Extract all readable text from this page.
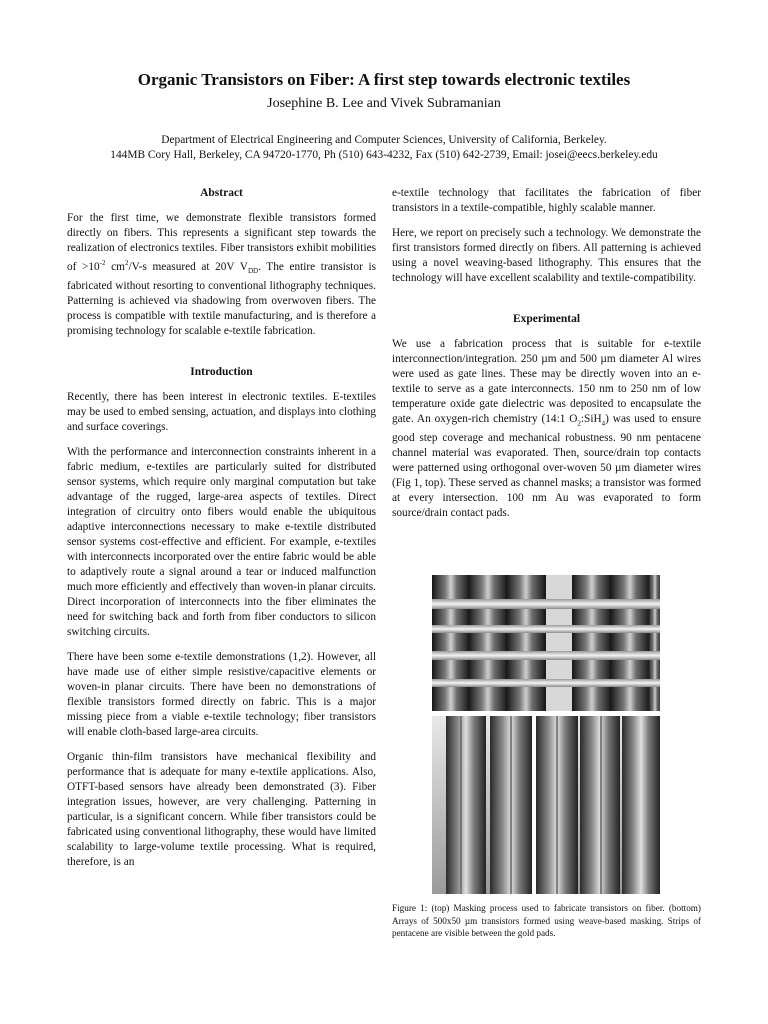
Organic Transistors on Fiber: A first step towards electronic textiles
Josephine B. Lee and Vivek Subramanian
Department of Electrical Engineering and Computer Sciences, University of California, Berkeley.
144MB Cory Hall, Berkeley, CA 94720-1770, Ph (510) 643-4232, Fax (510) 642-2739, Email: josei@eecs.berkeley.edu
Abstract

For the first time, we demonstrate flexible transistors formed directly on fibers. This represents a significant step towards the realization of electronics textiles. Fiber transistors exhibit mobilities of $>10^{-2}$ $cm^2/V-s$ measured at 20V $V_{DD}$. The entire transistor is fabricated without resorting to conventional lithography techniques. Patterning is achieved via shadowing from overwoven fibers. The process is compatible with textile manufacturing, and is therefore a promising technology for scalable e-textile fabrication.

Introduction

Recently, there has been interest in electronic textiles. E-textiles may be used to embed sensing, actuation, and displays into clothing and surface coverings.

With the performance and interconnection constraints inherent in a fabric medium, e-textiles are particularly suited for distributed sensor systems, which require only marginal computation but take advantage of the rugged, large-area aspects of textiles. Direct integration of circuitry onto fibers would enable the ubiquitous adaptive interconnections necessary to make e-textile distributed sensor systems cost-effective and efficient. For example, e-textiles with interconnects incorporated over the entire fabric would be able to adaptively route a signal around a tear or induced malfunction much more efficiently and effectively than woven-in planar circuits. Direct incorporation of interconnects into the fiber eliminates the need for switching back and forth from fiber conductors to silicon switching circuits.

There have been some e-textile demonstrations (1,2). However, all have made use of either simple resistive/capacitive elements or woven-in planar circuits. There have been no demonstrations of flexible transistors formed directly on fabric. This is a major missing piece from a viable e-textile technology; fiber transistors will enable cloth-based large-area circuits.

Organic thin-film transistors have mechanical flexibility and performance that is adequate for many e-textile applications. Also, OTFT-based sensors have already been demonstrated (3). Fiber integration issues, however, are very challenging. Patterning in particular, is a significant concern. While fiber transistors could be fabricated using conventional lithography, these would have limited scalability to large-volume textile processing. What is required, therefore, is an

e-textile technology that facilitates the fabrication of fiber transistors in a textile-compatible, highly scalable manner.

Here, we report on precisely such a technology. We demonstrate the first transistors formed directly on fibers. All patterning is achieved using a novel weaving-based lithography. This ensures that the technology will have excellent scalability and textile-compatibility.

Experimental

We use a fabrication process that is suitable for e-textile interconnection/integration. 250 µm and 500 µm diameter Al wires were used as gate lines. These may be directly woven into an e-textile to serve as a gate interconnects. 150 nm to 250 nm of low temperature oxide gate dielectric was deposited to encapsulate the gate. An oxygen-rich chemistry (14:1 $O_2:SiH_4$) was used to ensure good step coverage and mechanical robustness. 90 nm pentacene channel material was evaporated. Then, source/drain top contacts were patterned using orthogonal over-woven 50 µm diameter wires (Fig 1, top). These served as channel masks; a transistor was formed at every intersection. 100 nm Au was evaporated to form source/drain contact pads.

Figure 1: (top) Masking process used to fabricate transistors on fiber. (bottom) Arrays of 500x50 µm transistors formed using weave-based masking. Strips of pentacene are visible between the gold pads.
